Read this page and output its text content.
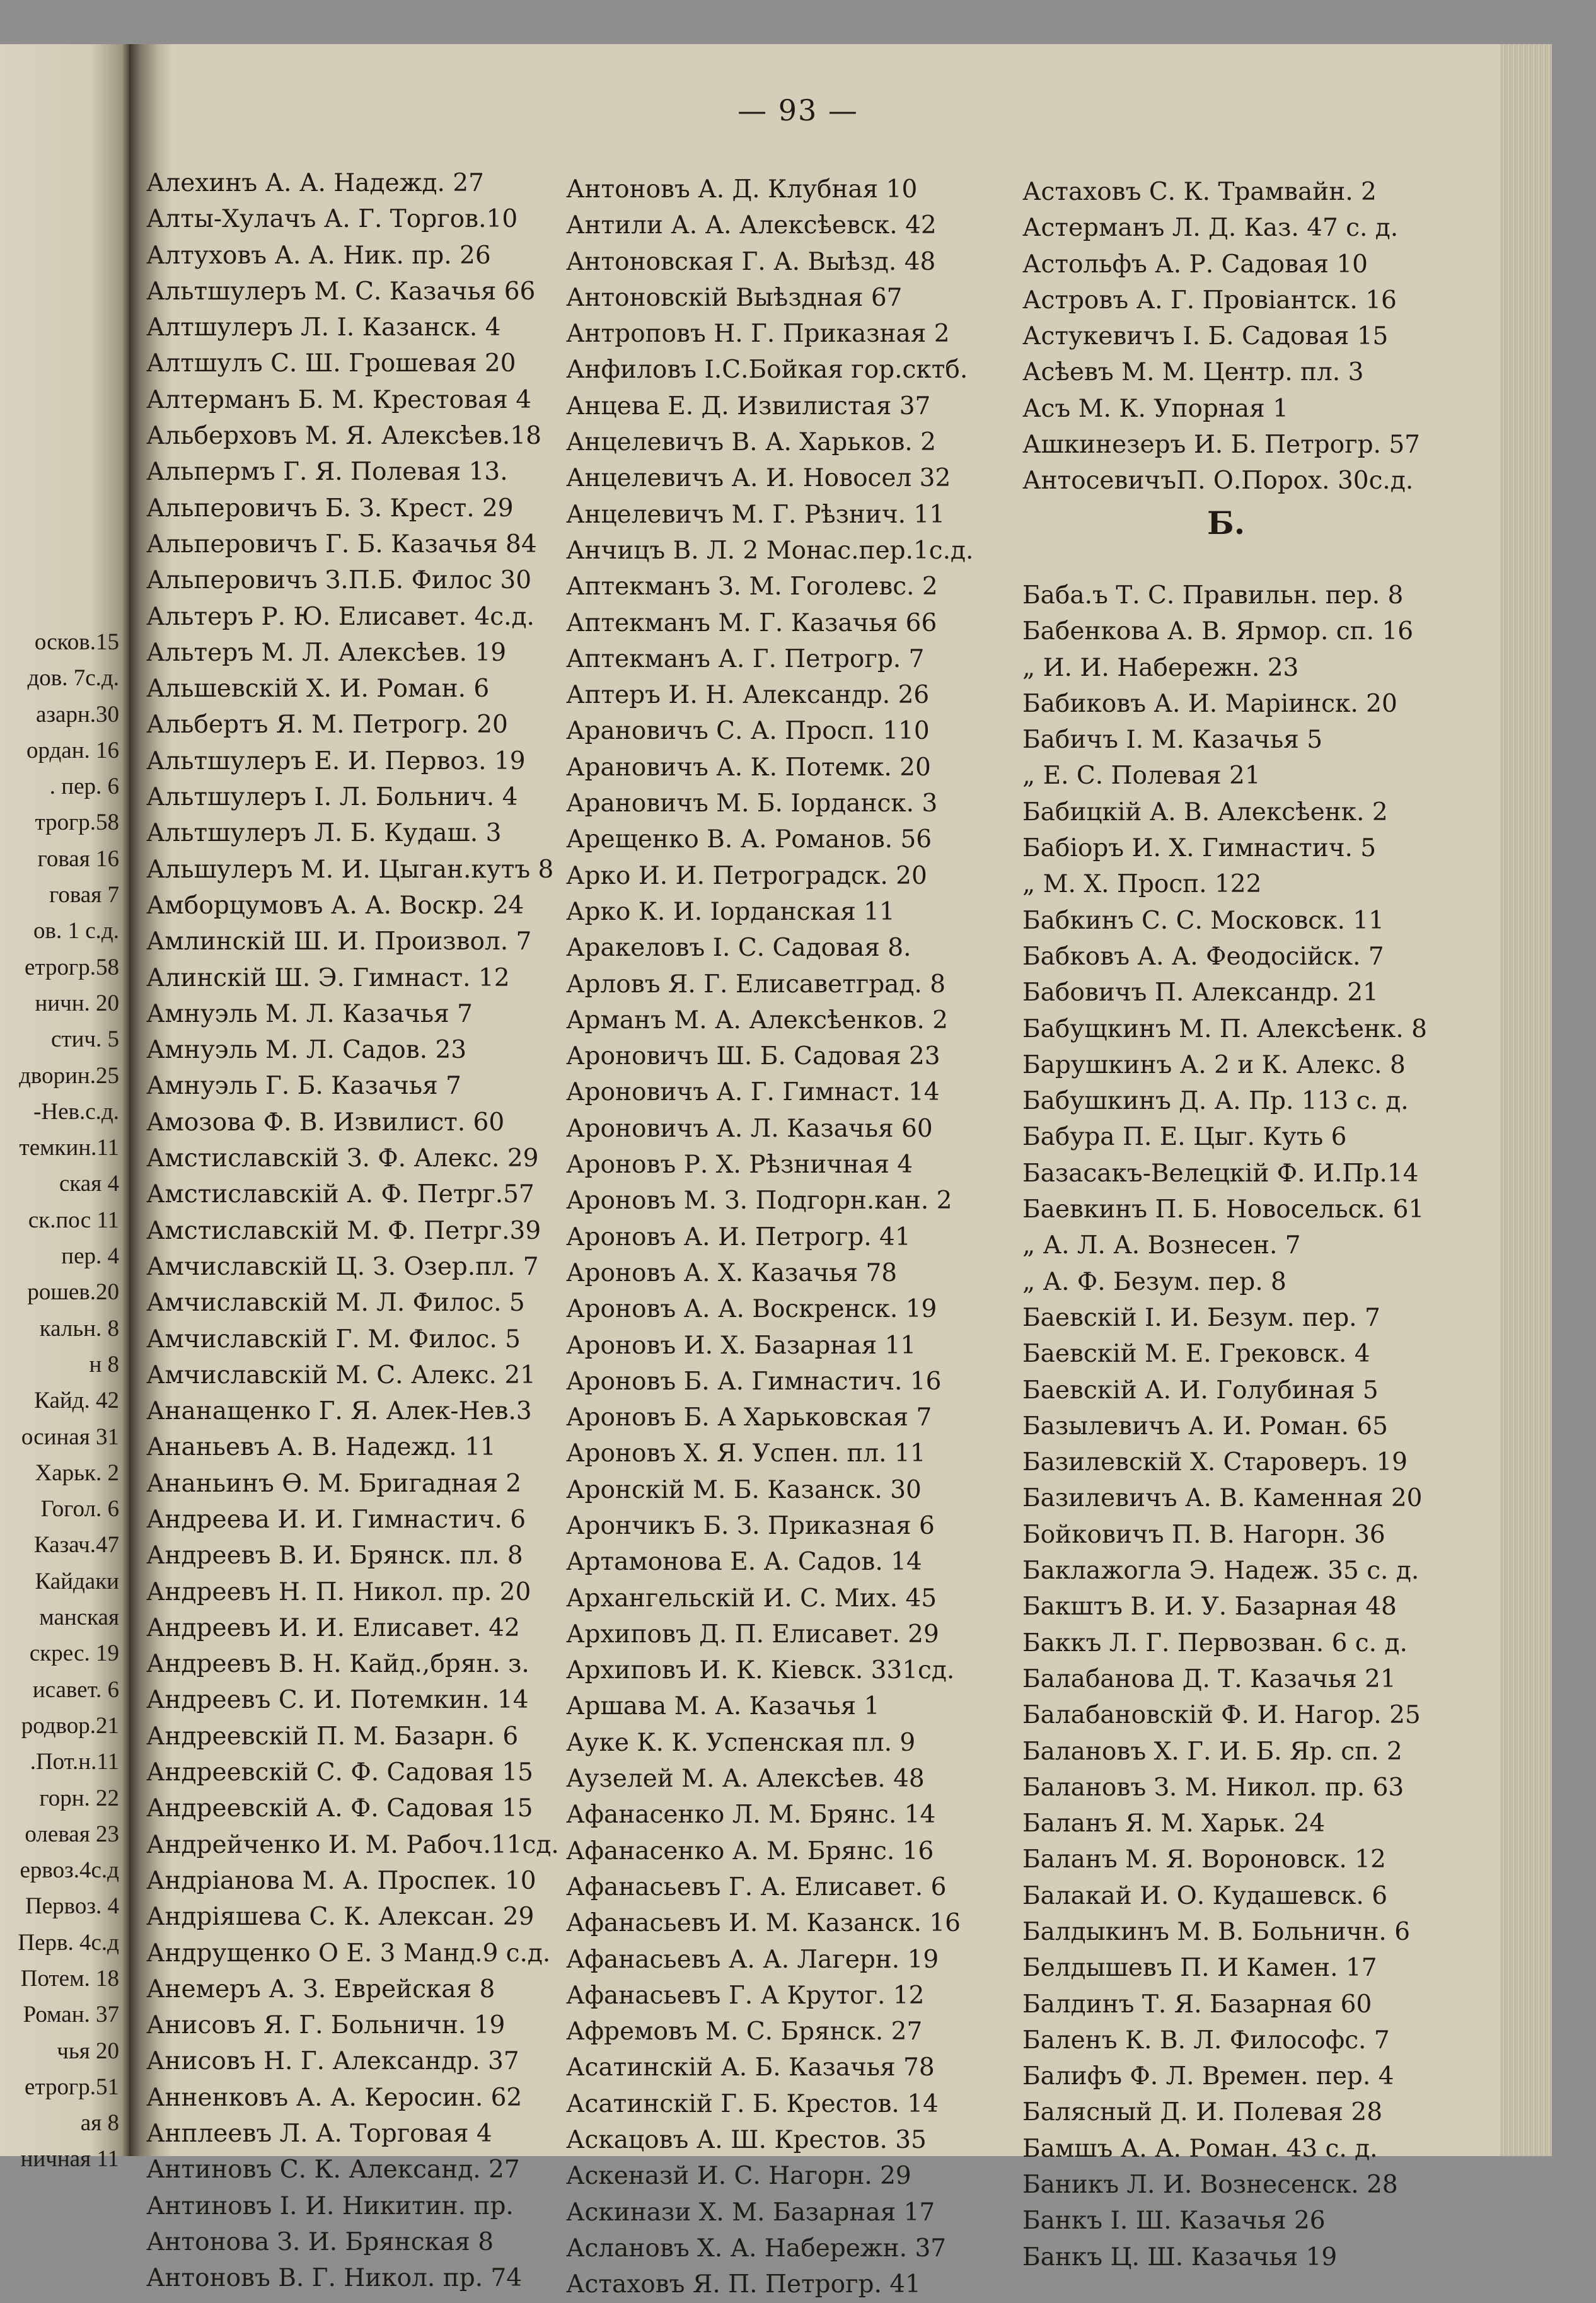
осков.15
дов. 7с.д.
азарн.30
ордан. 16
. пер. 6
трогр.58
говая 16
говая 7
ов. 1 с.д.
етрогр.58
ничн. 20
стич. 5
дворин.25
-Нев.с.д.
темкин.11
ская 4
ск.пос 11
пер. 4
рошев.20
кальн. 8
н 8
Кайд. 42
осиная 31
Харьк. 2
Гогол. 6
Казач.47
Кайдаки
манская
скрес. 19
исавет. 6
родвор.21
.Пот.н.11
горн. 22
олевая 23
ервоз.4с.д
Первоз. 4
Перв. 4с.д
Потем. 18
Роман. 37
чья 20
етрогр.51
ая 8
ничная 11

— 93 —

Алехинъ А. А. Надежд. 27
Алты-Хулачъ А. Г. Торгов.10
Алтуховъ А. А. Ник. пр. 26
Альтшулеръ М. С. Казачья 66
Алтшулеръ Л. І. Казанск. 4
Алтшулъ С. Ш. Грошевая 20
Алтерманъ Б. М. Крестовая 4
Альберховъ М. Я. Алексѣев.18
Альпермъ Г. Я. Полевая 13.
Альперовичъ Б. З. Крест. 29
Альперовичъ Г. Б. Казачья 84
Альперовичъ З.П.Б. Филос 30
Альтеръ Р. Ю. Елисавет. 4с.д.
Альтеръ М. Л. Алексѣев. 19
Альшевскій Х. И. Роман. 6
Альбертъ Я. М. Петрогр. 20
Альтшулеръ Е. И. Первоз. 19
Альтшулеръ І. Л. Больнич. 4
Альтшулеръ Л. Б. Кудаш. 3
Альшулеръ М. И. Цыган.кутъ 8
Амборцумовъ А. А. Воскр. 24
Амлинскій Ш. И. Произвол. 7
Алинскій Ш. Э. Гимнаст. 12
Амнуэль М. Л. Казачья 7
Амнуэль М. Л. Садов. 23
Амнуэль Г. Б. Казачья 7
Амозова Ф. В. Извилист. 60
Амстиславскій З. Ф. Алекс. 29
Амстиславскій А. Ф. Петрг.57
Амстиславскій М. Ф. Петрг.39
Амчиславскій Ц. З. Озер.пл. 7
Амчиславскій М. Л. Филос. 5
Амчиславскій Г. М. Филос. 5
Амчиславскій М. С. Алекс. 21
Ананащенко Г. Я. Алек-Нев.3
Ананьевъ А. В. Надежд. 11
Ананьинъ Ѳ. М. Бригадная 2
Андреева И. И. Гимнастич. 6
Андреевъ В. И. Брянск. пл. 8
Андреевъ Н. П. Никол. пр. 20
Андреевъ И. И. Елисавет. 42
Андреевъ В. Н. Кайд.,брян. з.
Андреевъ С. И. Потемкин. 14
Андреевскій П. М. Базарн. 6
Андреевскій С. Ф. Садовая 15
Андреевскій А. Ф. Садовая 15
Андрейченко И. М. Рабоч.11сд.
Андріанова М. А. Проспек. 10
Андріяшева С. К. Алексан. 29
Андрущенко О Е. 3 Манд.9 с.д.
Анемеръ А. З. Еврейская 8
Анисовъ Я. Г. Больничн. 19
Анисовъ Н. Г. Александр. 37
Анненковъ А. А. Керосин. 62
Анплеевъ Л. А. Торговая 4
Антиновъ С. К. Александ. 27
Антиновъ І. И. Никитин. пр.
Антонова З. И. Брянская 8
Антоновъ В. Г. Никол. пр. 74
Антоновъ А. Д. Клубная 10
Антили А. А. Алексѣевск. 42
Антоновская Г. А. Выѣзд. 48
Антоновскій Выѣздная 67
Антроповъ Н. Г. Приказная 2
Анфиловъ І.С.Бойкая гор.сктб.
Анцева Е. Д. Извилистая 37
Анцелевичъ В. А. Харьков. 2
Анцелевичъ А. И. Новосел 32
Анцелевичъ М. Г. Рѣзнич. 11
Анчицъ В. Л. 2 Монас.пер.1с.д.
Аптекманъ З. М. Гоголевс. 2
Аптекманъ М. Г. Казачья 66
Аптекманъ А. Г. Петрогр. 7
Аптеръ И. Н. Александр. 26
Арановичъ С. А. Просп. 110
Арановичъ А. К. Потемк. 20
Арановичъ М. Б. Іорданск. 3
Арещенко В. А. Романов. 56
Арко И. И. Петроградск. 20
Арко К. И. Іорданская 11
Аракеловъ І. С. Садовая 8.
Арловъ Я. Г. Елисаветград. 8
Арманъ М. А. Алексѣенков. 2
Ароновичъ Ш. Б. Садовая 23
Ароновичъ А. Г. Гимнаст. 14
Ароновичъ А. Л. Казачья 60
Ароновъ Р. Х. Рѣзничная 4
Ароновъ М. З. Подгорн.кан. 2
Ароновъ А. И. Петрогр. 41
Ароновъ А. Х. Казачья 78
Ароновъ А. А. Воскренск. 19
Ароновъ И. Х. Базарная 11
Ароновъ Б. А. Гимнастич. 16
Ароновъ Б. А Харьковская 7
Ароновъ Х. Я. Успен. пл. 11
Аронскій М. Б. Казанск. 30
Арончикъ Б. З. Приказная 6
Артамонова Е. А. Садов. 14
Архангельскій И. С. Мих. 45
Архиповъ Д. П. Елисавет. 29
Архиповъ И. К. Кіевск. 331сд.
Аршава М. А. Казачья 1
Ауке К. К. Успенская пл. 9
Аузелей М. А. Алексѣев. 48
Афанасенко Л. М. Брянс. 14
Афанасенко А. М. Брянс. 16
Афанасьевъ Г. А. Елисавет. 6
Афанасьевъ И. М. Казанск. 16
Афанасьевъ А. А. Лагерн. 19
Афанасьевъ Г. А Крутог. 12
Афремовъ М. С. Брянск. 27
Асатинскій А. Б. Казачья 78
Асатинскій Г. Б. Крестов. 14
Аскацовъ А. Ш. Крестов. 35
Аскеназй И. С. Нагорн. 29
Аскинази Х. М. Базарная 17
Аслановъ Х. А. Набережн. 37
Астаховъ Я. П. Петрогр. 41
Астаховъ С. К. Трамвайн. 2
Астерманъ Л. Д. Каз. 47 с. д.
Астольфъ А. Р. Садовая 10
Астровъ А. Г. Провіантск. 16
Астукевичъ І. Б. Садовая 15
Асѣевъ М. М. Центр. пл. 3
Асъ М. К. Упорная 1
Ашкинезеръ И. Б. Петрогр. 57
АнтосевичъП. О.Порох. 30с.д.
Б.
Баба.ъ Т. С. Правильн. пер. 8
Бабенкова А. В. Ярмор. сп. 16
„ И. И. Набережн. 23
Бабиковъ А. И. Маріинск. 20
Бабичъ І. М. Казачья 5
„ Е. С. Полевая 21
Бабицкій А. В. Алексѣенк. 2
Бабіоръ И. Х. Гимнастич. 5
„ М. Х. Просп. 122
Бабкинъ С. С. Московск. 11
Бабковъ А. А. Феодосійск. 7
Бабовичъ П. Александр. 21
Бабущкинъ М. П. Алексѣенк. 8
Барушкинъ А. 2 и К. Алекс. 8
Бабушкинъ Д. А. Пр. 113 с. д.
Бабура П. Е. Цыг. Куть 6
Базасакъ-Велецкій Ф. И.Пр.14
Баевкинъ П. Б. Новосельск. 61
„ А. Л. А. Вознесен. 7
„ А. Ф. Безум. пер. 8
Баевскій І. И. Безум. пер. 7
Баевскій М. Е. Грековск. 4
Баевскій А. И. Голубиная 5
Базылевичъ А. И. Роман. 65
Базилевскій Х. Староверъ. 19
Базилевичъ А. В. Каменная 20
Бойковичъ П. В. Нагорн. 36
Баклажогла Э. Надеж. 35 с. д.
Бакштъ В. И. У. Базарная 48
Баккъ Л. Г. Первозван. 6 с. д.
Балабанова Д. Т. Казачья 21
Балабановскій Ф. И. Нагор. 25
Балановъ Х. Г. И. Б. Яр. сп. 2
Балановъ З. М. Никол. пр. 63
Баланъ Я. М. Харьк. 24
Баланъ М. Я. Вороновск. 12
Балакай И. О. Кудашевск. 6
Балдыкинъ М. В. Больничн. 6
Белдышевъ П. И Камен. 17
Балдинъ Т. Я. Базарная 60
Баленъ К. В. Л. Философс. 7
Балифъ Ф. Л. Времен. пер. 4
Балясный Д. И. Полевая 28
Бамшъ А. А. Роман. 43 с. д.
Баникъ Л. И. Вознесенск. 28
Банкъ І. Ш. Казачья 26
Банкъ Ц. Ш. Казачья 19
